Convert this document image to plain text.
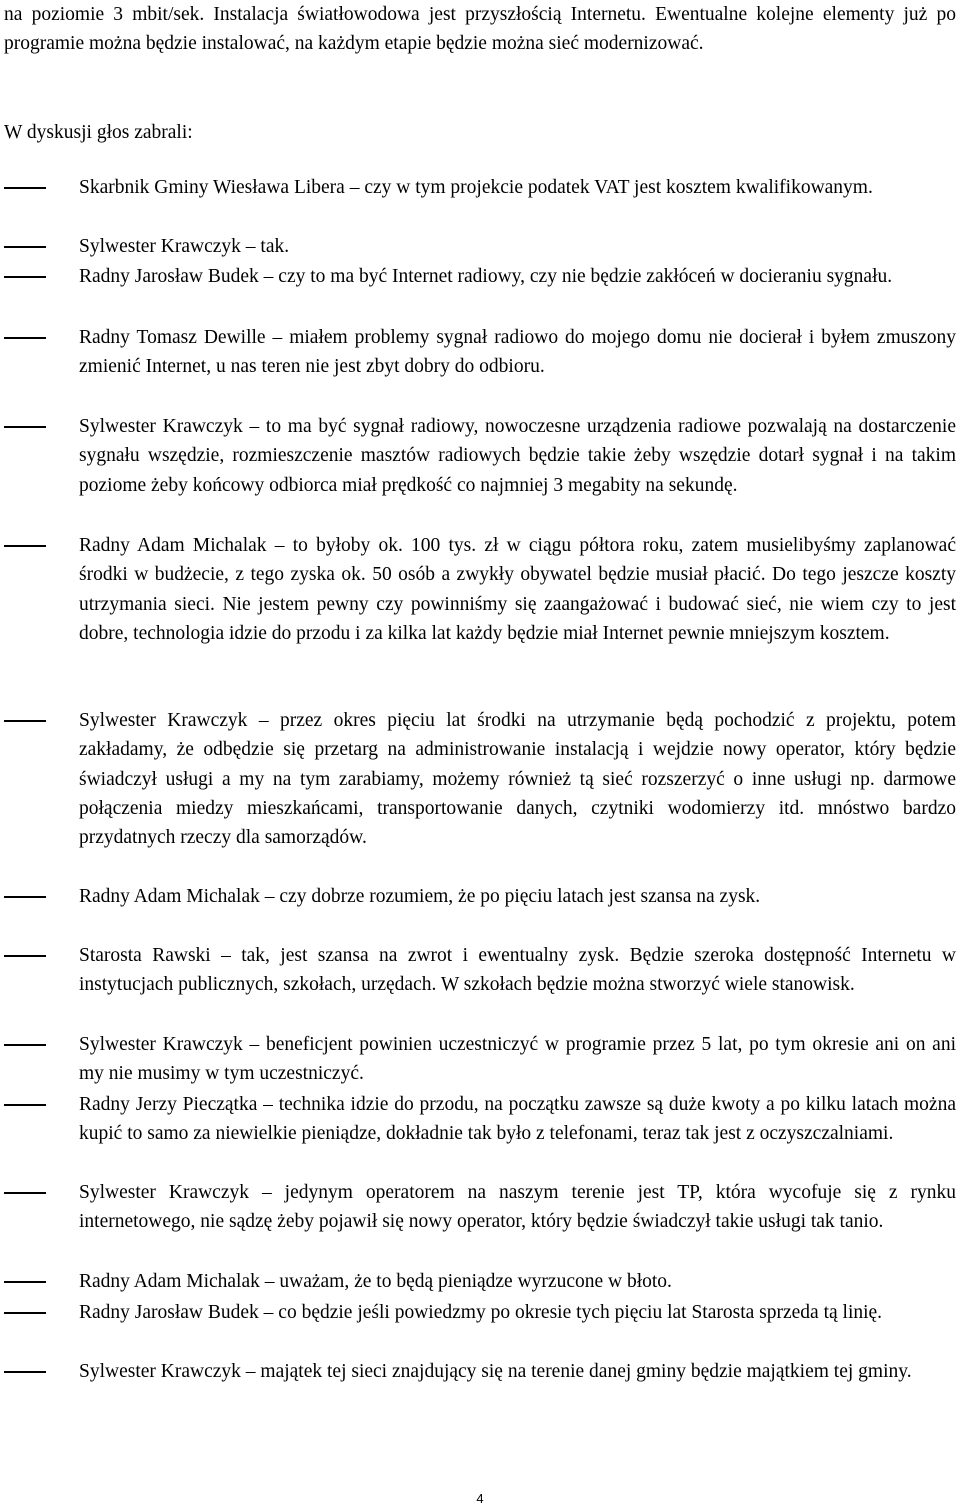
na poziomie 3 mbit/sek. Instalacja światłowodowa jest przyszłością Internetu. Ewentualne kolejne elementy już po programie można będzie instalować, na każdym etapie będzie można sieć modernizować.

W dyskusji głos zabrali:

Skarbnik Gminy Wiesława Libera – czy w tym projekcie podatek VAT jest kosztem kwalifikowanym.

Sylwester Krawczyk – tak.

Radny Jarosław Budek – czy to ma być Internet radiowy, czy nie będzie zakłóceń w docieraniu sygnału.

Radny Tomasz Dewille – miałem problemy sygnał radiowo do mojego domu nie docierał i byłem zmuszony zmienić Internet, u nas teren nie jest zbyt dobry do odbioru.

Sylwester Krawczyk – to ma być sygnał radiowy, nowoczesne urządzenia radiowe pozwalają na dostarczenie sygnału wszędzie, rozmieszczenie masztów radiowych będzie takie żeby wszędzie dotarł sygnał i na takim poziome żeby końcowy odbiorca miał prędkość co najmniej 3 megabity na sekundę.

Radny Adam Michalak – to byłoby ok. 100 tys. zł w ciągu półtora roku, zatem musielibyśmy zaplanować środki w budżecie, z tego zyska ok. 50 osób a zwykły obywatel będzie musiał płacić. Do tego jeszcze koszty utrzymania sieci. Nie jestem pewny czy powinniśmy się zaangażować i budować sieć, nie wiem czy to jest dobre, technologia idzie do przodu i za kilka lat każdy będzie miał Internet pewnie mniejszym kosztem.

Sylwester Krawczyk – przez okres pięciu lat środki na utrzymanie będą pochodzić z projektu, potem zakładamy, że odbędzie się przetarg na administrowanie instalacją i wejdzie nowy operator, który będzie świadczył usługi a my na tym zarabiamy, możemy również tą sieć rozszerzyć o inne usługi np. darmowe połączenia miedzy mieszkańcami, transportowanie danych, czytniki wodomierzy itd. mnóstwo bardzo przydatnych rzeczy dla samorządów.

Radny Adam Michalak – czy dobrze rozumiem, że po pięciu latach jest szansa na zysk.

Starosta Rawski – tak, jest szansa na zwrot i ewentualny zysk. Będzie szeroka dostępność Internetu w instytucjach publicznych, szkołach, urzędach. W szkołach będzie można stworzyć wiele stanowisk.

Sylwester Krawczyk – beneficjent powinien uczestniczyć w programie przez 5 lat, po tym okresie ani on ani my nie musimy w tym uczestniczyć.

Radny Jerzy Pieczątka – technika idzie do przodu, na początku zawsze są duże kwoty a po kilku latach można kupić to samo za niewielkie pieniądze, dokładnie tak było z telefonami, teraz tak jest z oczyszczalniami.

Sylwester Krawczyk – jedynym operatorem na naszym terenie jest TP, która wycofuje się z rynku internetowego, nie sądzę żeby pojawił się nowy operator, który będzie świadczył takie usługi tak tanio.

Radny Adam Michalak – uważam, że to będą pieniądze wyrzucone w błoto.

Radny Jarosław Budek – co będzie jeśli powiedzmy po okresie tych pięciu lat Starosta sprzeda tą linię.

Sylwester Krawczyk – majątek tej sieci znajdujący się na terenie danej gminy będzie majątkiem tej gminy.

4
